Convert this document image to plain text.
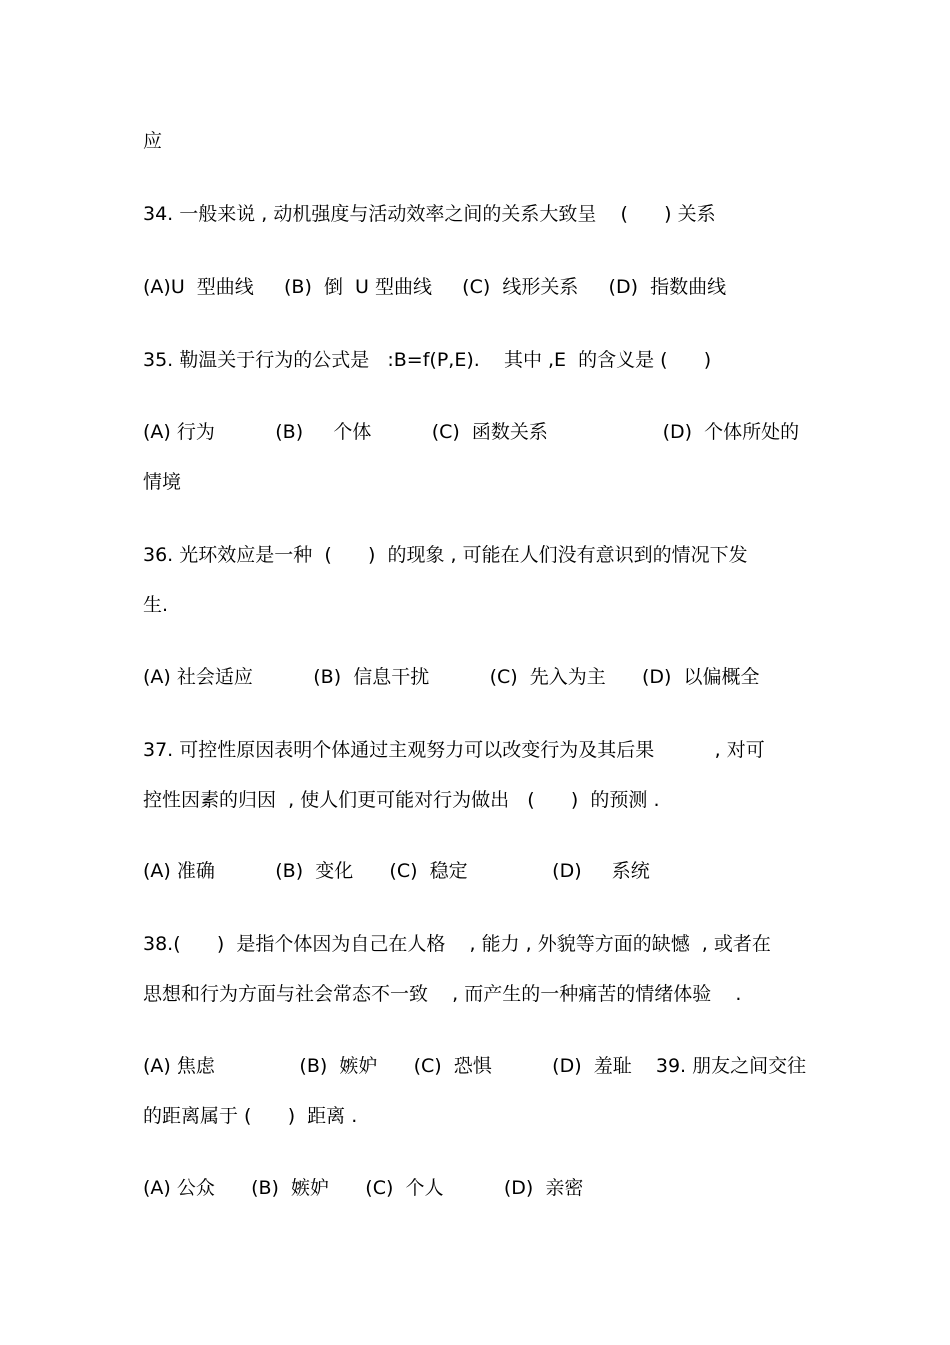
应
34. 一般来说 , 动机强度与活动效率之间的关系大致呈    (      ) 关系
(A)U  型曲线     (B)  倒  U 型曲线     (C)  线形关系     (D)  指数曲线
35. 勒温关于行为的公式是   :B=f(P,E).    其中 ,E  的含义是 (      )
(A) 行为          (B)     个体          (C)  函数关系                   (D)  个体所处的
情境
36. 光环效应是一种  (      )  的现象 , 可能在人们没有意识到的情况下发
生.
(A) 社会适应          (B)  信息干扰          (C)  先入为主      (D)  以偏概全
37. 可控性原因表明个体通过主观努力可以改变行为及其后果          , 对可
控性因素的归因  , 使人们更可能对行为做出   (      )  的预测 .
(A) 准确          (B)  变化      (C)  稳定              (D)     系统
38.(      )  是指个体因为自己在人格    , 能力 , 外貌等方面的缺憾  , 或者在
思想和行为方面与社会常态不一致    , 而产生的一种痛苦的情绪体验    .
(A) 焦虑              (B)  嫉妒      (C)  恐惧          (D)  羞耻    39. 朋友之间交往
的距离属于 (      )  距离 .
(A) 公众      (B)  嫉妒      (C)  个人          (D)  亲密
